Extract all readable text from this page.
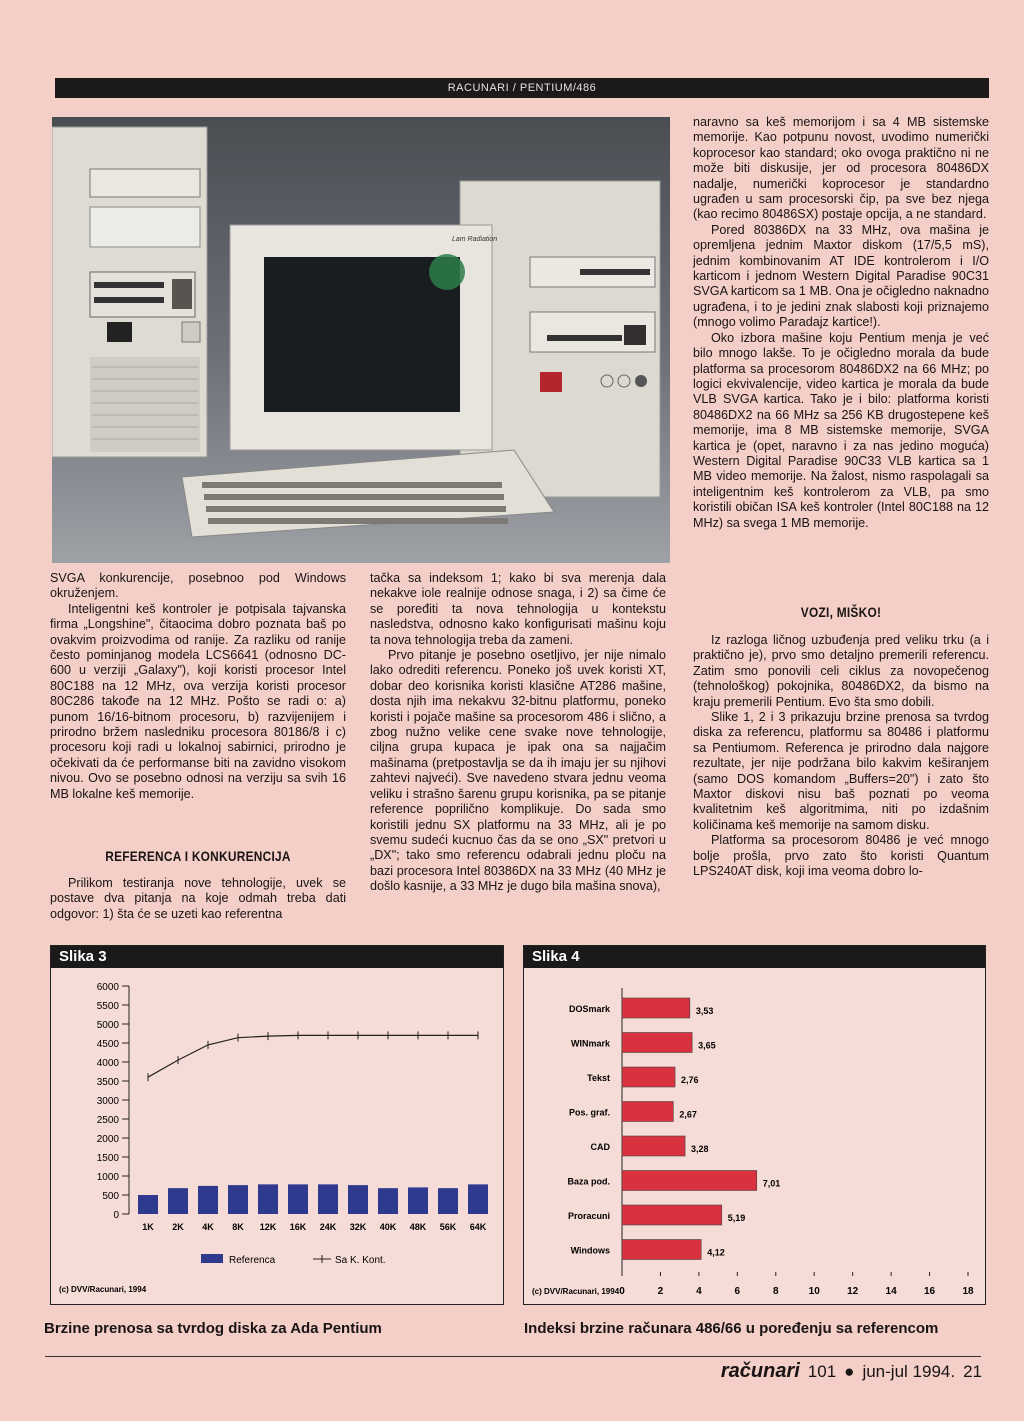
RACUNARI / PENTIUM/486
Lam Radiation

SVGA konkurencije, posebnoo pod Windows okruženjem.

Inteligentni keš kontroler je potpisala tajvanska firma „Longshine", čitaocima dobro poznata baš po ovakvim proizvodima od ranije. Za razliku od ranije često pominjanog modela LCS6641 (odnosno DC-600 u verziji „Galaxy"), koji koristi procesor Intel 80C188 na 12 MHz, ova verzija koristi procesor 80C286 takođe na 12 MHz. Pošto se radi o: a) punom 16/16-bitnom procesoru, b) razvijenijem i prirodno bržem nasledniku procesora 80186/8 i c) procesoru koji radi u lokalnoj sabirnici, prirodno je očekivati da će performanse biti na zavidno visokom nivou. Ovo se posebno odnosi na verziju sa svih 16 MB lokalne keš memorije.

REFERENCA I KONKURENCIJA

Prilikom testiranja nove tehnologije, uvek se postave dva pitanja na koje odmah treba dati odgovor: 1) šta će se uzeti kao referentna

tačka sa indeksom 1; kako bi sva merenja dala nekakve iole realnije odnose snaga, i 2) sa čime će se poređiti ta nova tehnologija u kontekstu nasledstva, odnosno kako konfigurisati mašinu koju ta nova tehnologija treba da zameni.

Prvo pitanje je posebno osetljivo, jer nije nimalo lako odrediti referencu. Poneko još uvek koristi XT, dobar deo korisnika koristi klasične AT286 mašine, dosta njih ima nekakvu 32-bitnu platformu, poneko koristi i pojače mašine sa procesorom 486 i slično, a zbog nužno velike cene svake nove tehnologije, ciljna grupa kupaca je ipak ona sa najjačim mašinama (pretpostavlja se da ih imaju jer su njihovi zahtevi najveći). Sve navedeno stvara jednu veoma veliku i strašno šarenu grupu korisnika, pa se pitanje reference poprilično komplikuje. Do sada smo koristili jednu SX platformu na 33 MHz, ali je po svemu sudeći kucnuo čas da se ono „SX" pretvori u „DX"; tako smo referencu odabrali jednu ploču na bazi procesora Intel 80386DX na 33 MHz (40 MHz je došlo kasnije, a 33 MHz je dugo bila mašina snova),

naravno sa keš memorijom i sa 4 MB sistemske memorije. Kao potpunu novost, uvodimo numerički koprocesor kao standard; oko ovoga praktično ni ne može biti diskusije, jer od procesora 80486DX nadalje, numerički koprocesor je standardno ugrađen u sam procesorski čip, pa sve bez njega (kao recimo 80486SX) postaje opcija, a ne standard.

Pored 80386DX na 33 MHz, ova mašina je opremljena jednim Maxtor diskom (17/5,5 mS), jednim kombinovanim AT IDE kontrolerom i I/O karticom i jednom Western Digital Paradise 90C31 SVGA karticom sa 1 MB. Ona je očigledno naknadno ugrađena, i to je jedini znak slabosti koji priznajemo (mnogo volimo Paradajz kartice!).

Oko izbora mašine koju Pentium menja je već bilo mnogo lakše. To je očigledno morala da bude platforma sa procesorom 80486DX2 na 66 MHz; po logici ekvivalencije, video kartica je morala da bude VLB SVGA kartica. Tako je i bilo: platforma koristi 80486DX2 na 66 MHz sa 256 KB drugostepene keš memorije, ima 8 MB sistemske memorije, SVGA kartica je (opet, naravno i za nas jedino moguća) Western Digital Paradise 90C33 VLB kartica sa 1 MB video memorije. Na žalost, nismo raspolagali sa inteligentnim keš kontrolerom za VLB, pa smo koristili običan ISA keš kontroler (Intel 80C188 na 12 MHz) sa svega 1 MB memorije.

VOZI, MIŠKO!

Iz razloga ličnog uzbuđenja pred veliku trku (a i praktično je), prvo smo detaljno premerili referencu. Zatim smo ponovili celi ciklus za novopečenog (tehnološkog) pokojnika, 80486DX2, da bismo na kraju premerili Pentium. Evo šta smo dobili.

Slike 1, 2 i 3 prikazuju brzine prenosa sa tvrdog diska za referencu, platformu sa 80486 i platformu sa Pentiumom. Referenca je prirodno dala najgore rezultate, jer nije podržana bilo kakvim keširanjem (samo DOS komandom „Buffers=20") i zato što Maxtor diskovi nisu baš poznati po veoma kvalitetnim keš algoritmima, niti po izdašnim količinama keš memorije na samom disku.

Platforma sa procesorom 80486 je već mnogo bolje prošla, prvo zato što koristi Quantum LPS240AT disk, koji ima veoma dobro lo-

Slika 3
0
500
1000
1500
2000
2500
3000
3500
4000
4500
5000
5500
6000
1K 2K 4K 8K 12K 16K 24K 32K 40K 48K 56K 64K
Referenca	Sa K. Kont.
(c) DVV/Racunari, 1994
Brzine prenosa sa tvrdog diska za Ada Pentium
Slika 4
DOSmark	3,53
WINmark	3,65
Tekst	2,76
Pos. graf.	2,67
CAD	3,28
Baza pod.	7,01
Proracuni	5,19
Windows	4,12
0	2	4	6	8	10	12	14	16	18
(c) DVV/Racunari, 1994
Indeksi brzine računara 486/66 u poređenju sa referencom
računari 101 ● jun-jul 1994. 21
